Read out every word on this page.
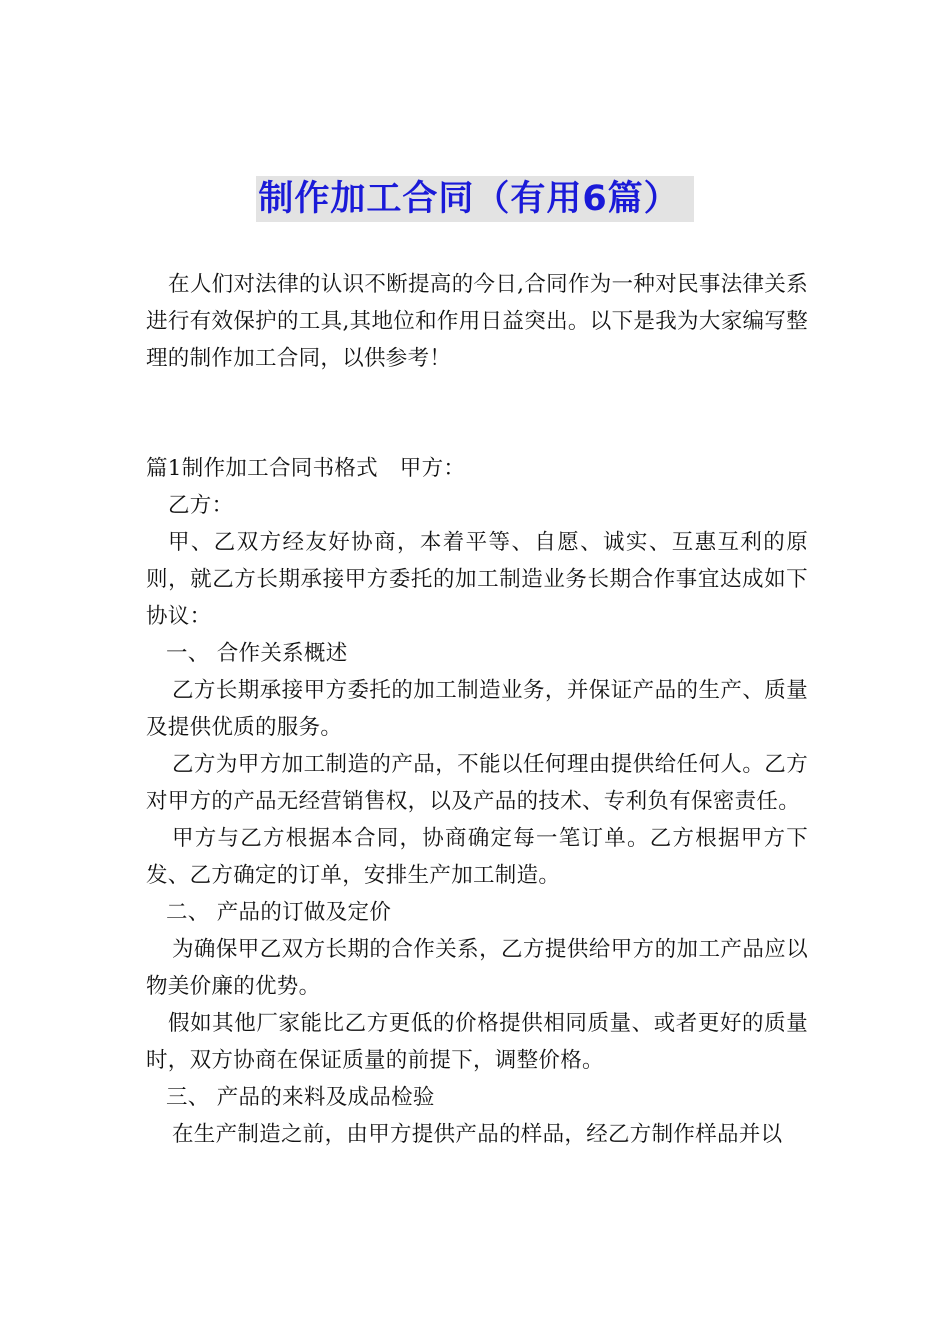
制作加工合同（有用6篇）

在人们对法律的认识不断提高的今日,合同作为一种对民事法律关系进行有效保护的工具,其地位和作用日益突出。以下是我为大家编写整理的制作加工合同，以供参考！

篇1制作加工合同书格式　甲方：

乙方：

甲、乙双方经友好协商，本着平等、自愿、诚实、互惠互利的原则，就乙方长期承接甲方委托的加工制造业务长期合作事宜达成如下协议：

一、 合作关系概述

乙方长期承接甲方委托的加工制造业务，并保证产品的生产、质量及提供优质的服务。

乙方为甲方加工制造的产品，不能以任何理由提供给任何人。乙方对甲方的产品无经营销售权，以及产品的技术、专利负有保密责任。

甲方与乙方根据本合同，协商确定每一笔订单。乙方根据甲方下发、乙方确定的订单，安排生产加工制造。

二、 产品的订做及定价

为确保甲乙双方长期的合作关系，乙方提供给甲方的加工产品应以物美价廉的优势。

假如其他厂家能比乙方更低的价格提供相同质量、或者更好的质量时，双方协商在保证质量的前提下，调整价格。

三、 产品的来料及成品检验

在生产制造之前，由甲方提供产品的样品，经乙方制作样品并以
